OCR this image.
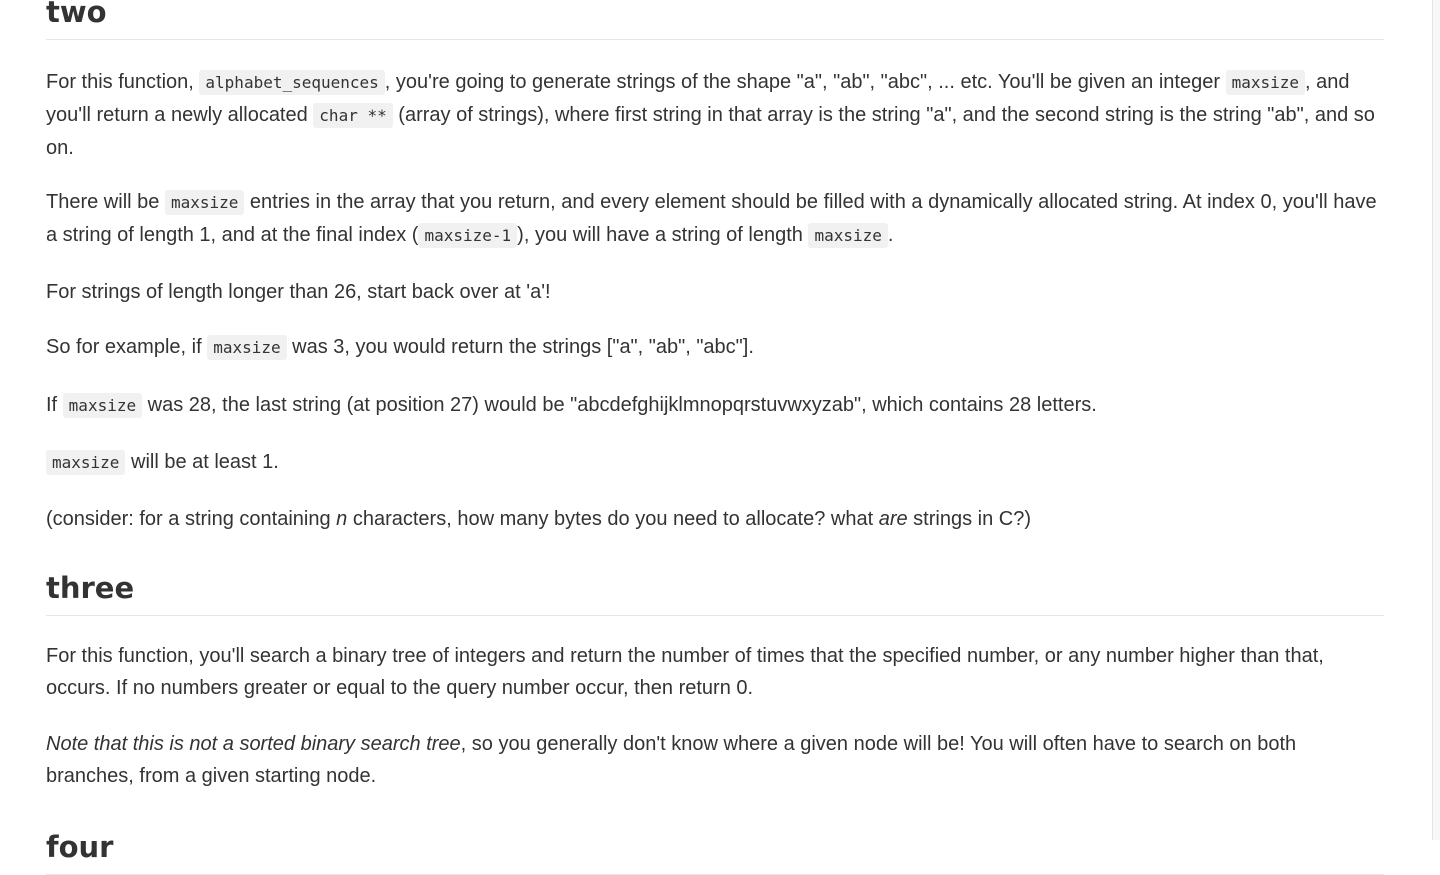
two

For this function, alphabet_sequences , you're going to generate strings of the shape "a", "ab", "abc", ... etc. You'll be given an integer maxsize , and you'll return a newly allocated char ** (array of strings), where first string in that array is the string "a", and the second string is the string "ab", and so on.

There will be maxsize entries in the array that you return, and every element should be filled with a dynamically allocated string. At index 0, you'll have a string of length 1, and at the final index ( maxsize-1 ), you will have a string of length maxsize .

For strings of length longer than 26, start back over at 'a'!

So for example, if maxsize was 3, you would return the strings ["a", "ab", "abc"].

If maxsize was 28, the last string (at position 27) would be "abcdefghijklmnopqrstuvwxyzab", which contains 28 letters.

maxsize will be at least 1.

(consider: for a string containing n characters, how many bytes do you need to allocate? what are strings in C?)

three

For this function, you'll search a binary tree of integers and return the number of times that the specified number, or any number higher than that, occurs. If no numbers greater or equal to the query number occur, then return 0.

Note that this is not a sorted binary search tree, so you generally don't know where a given node will be! You will often have to search on both branches, from a given starting node.

four
